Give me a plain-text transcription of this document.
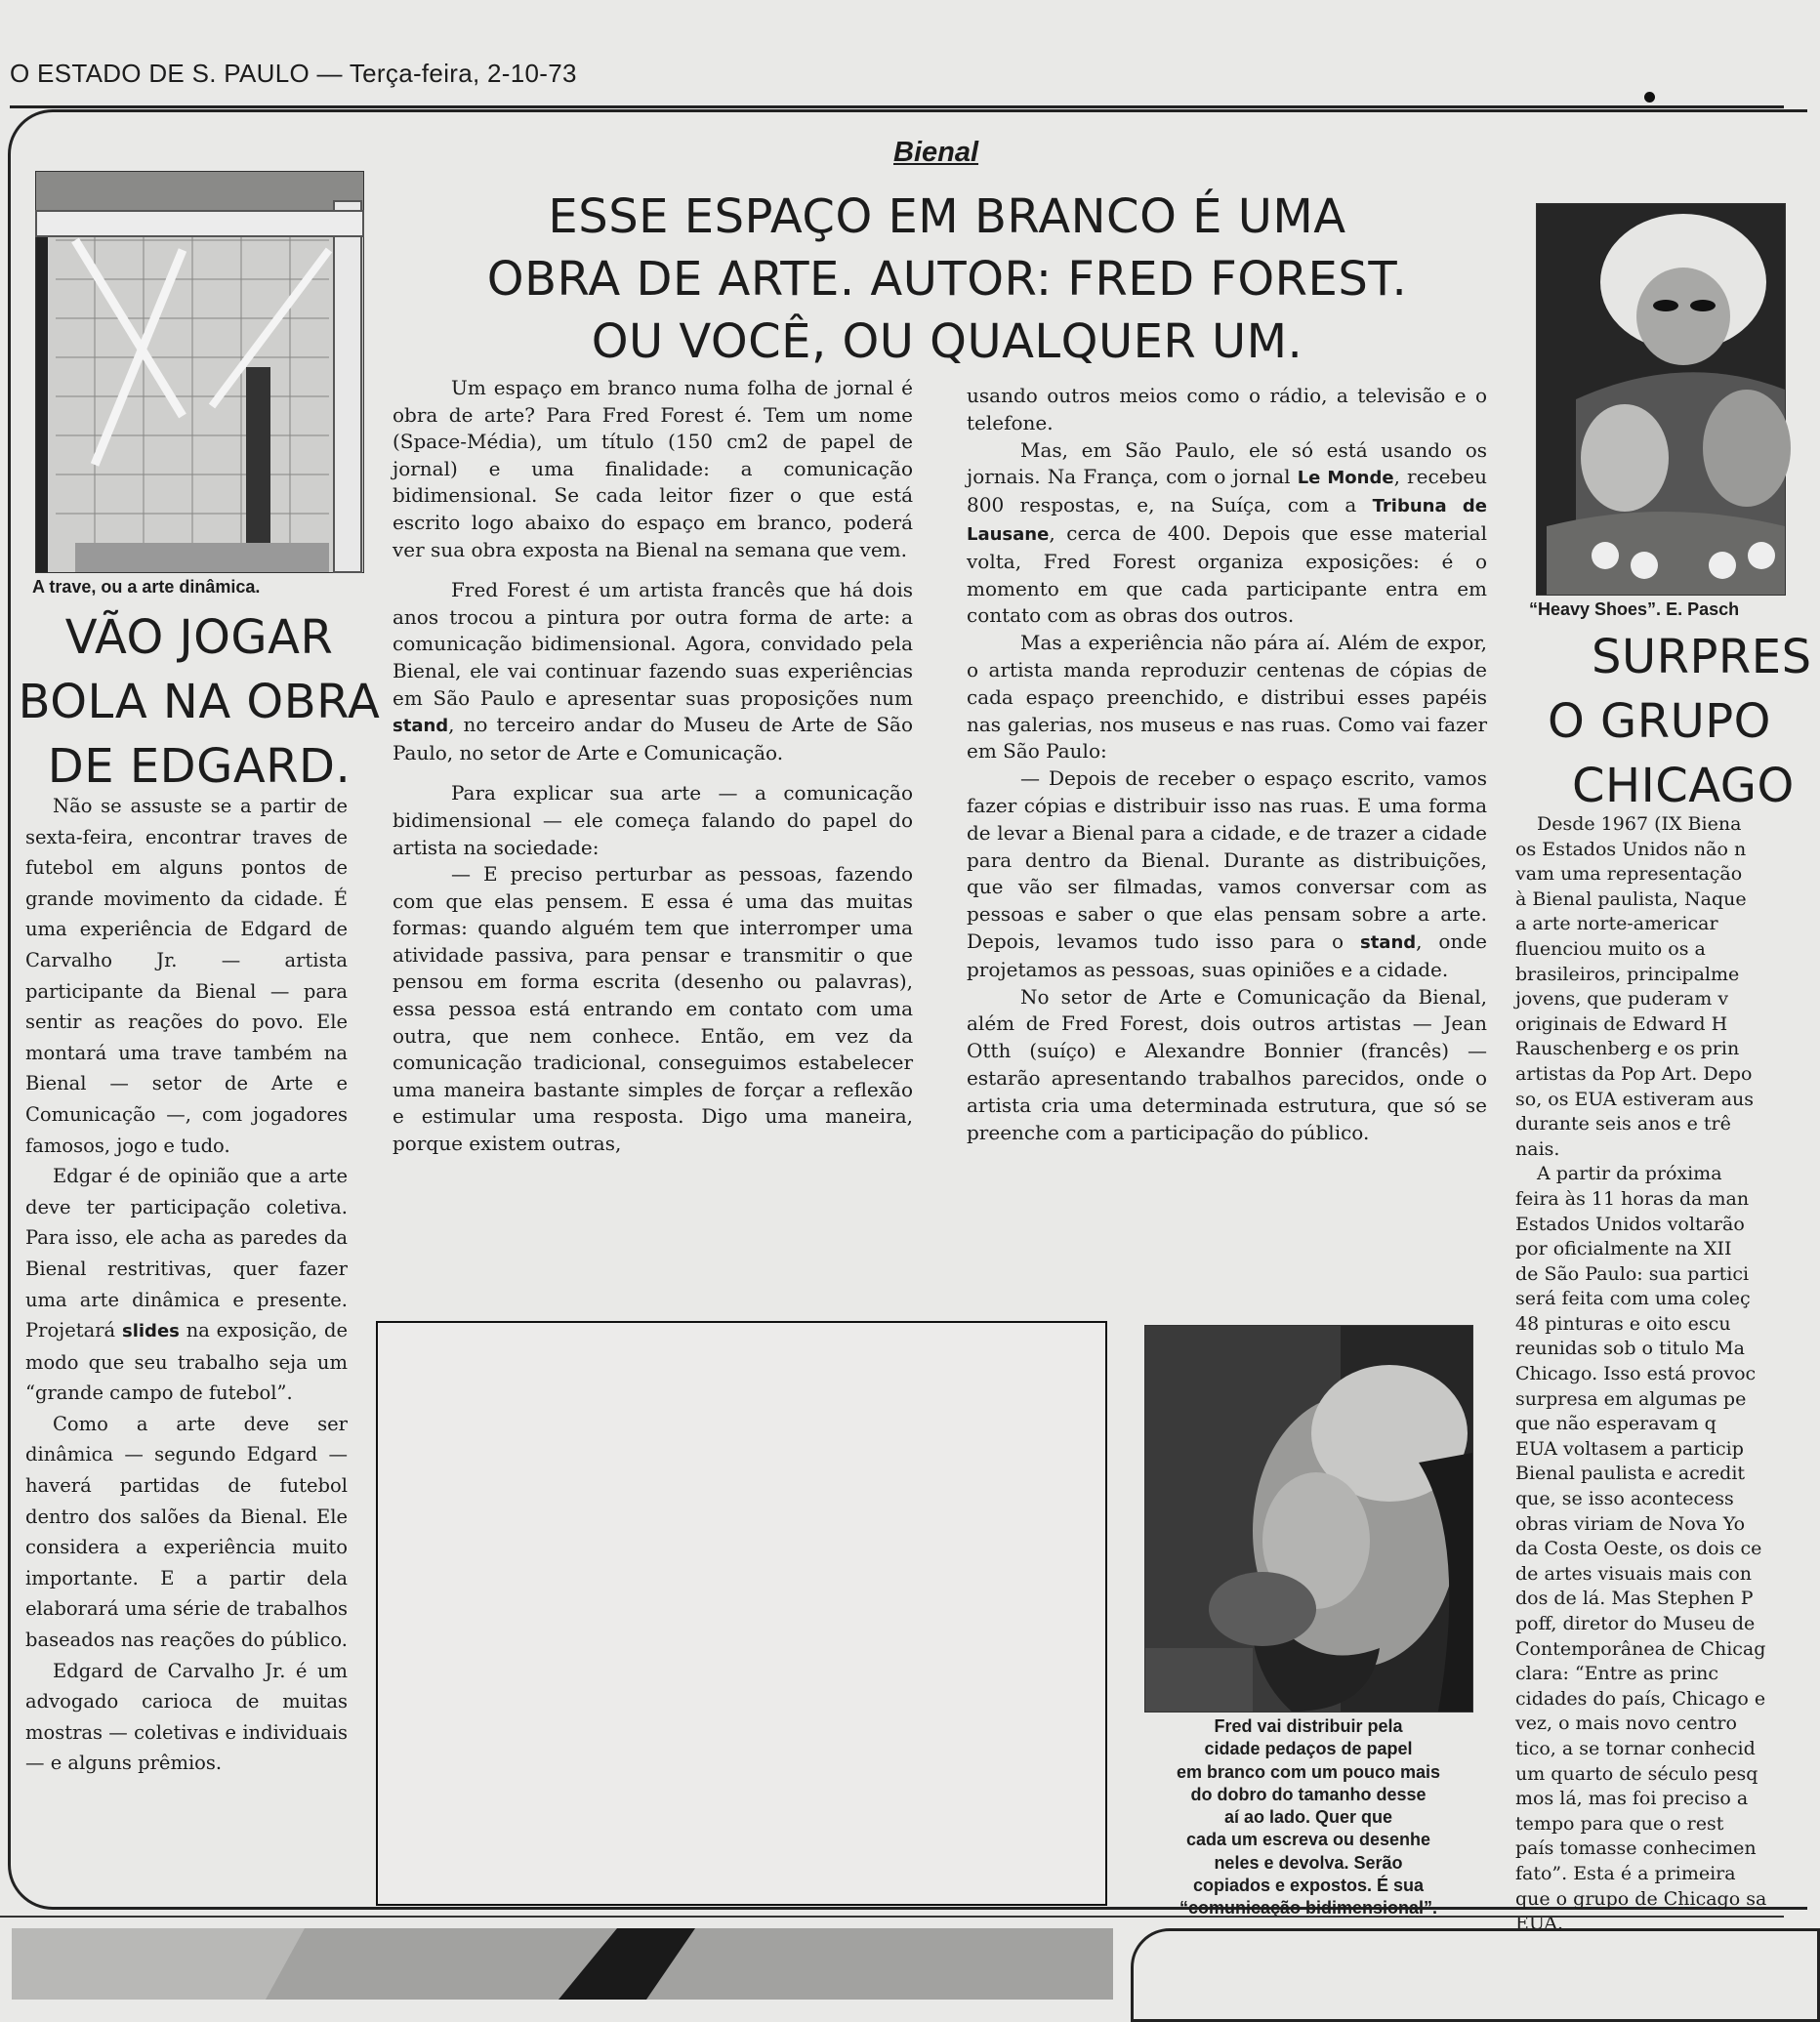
O ESTADO DE S. PAULO — Terça-feira, 2-10-73
A trave, ou a arte dinâmica.
VÃO JOGAR
BOLA NA OBRA
DE EDGARD.

Não se assuste se a partir de sexta-feira, encontrar traves de futebol em alguns pontos de grande movimento da cidade. É uma experiência de Edgard de Carvalho Jr. — artista participante da Bienal — para sentir as reações do povo. Ele montará uma trave também na Bienal — setor de Arte e Comunicação —, com jogadores famosos, jogo e tudo.

Edgar é de opinião que a arte deve ter participação coletiva. Para isso, ele acha as paredes da Bienal restritivas, quer fazer uma arte dinâmica e presente. Projetará slides na exposição, de modo que seu trabalho seja um “grande campo de futebol”.

Como a arte deve ser dinâmica — segundo Edgard — haverá partidas de futebol dentro dos salões da Bienal. Ele considera a experiência muito importante. E a partir dela elaborará uma série de trabalhos baseados nas reações do público.

Edgard de Carvalho Jr. é um advogado carioca de muitas mostras — coletivas e individuais — e alguns prêmios.

Bienal
ESSE ESPAÇO EM BRANCO É UMA
OBRA DE ARTE. AUTOR: FRED FOREST.
OU VOCÊ, OU QUALQUER UM.

Um espaço em branco numa folha de jornal é obra de arte? Para Fred Forest é. Tem um nome (Space-Média), um título (150 cm2 de papel de jornal) e uma finalidade: a comunicação bidimensional. Se cada leitor fizer o que está escrito logo abaixo do espaço em branco, poderá ver sua obra exposta na Bienal na semana que vem.

Fred Forest é um artista francês que há dois anos trocou a pintura por outra forma de arte: a comunicação bidimensional. Agora, convidado pela Bienal, ele vai continuar fazendo suas experiências em São Paulo e apresentar suas proposições num stand, no terceiro andar do Museu de Arte de São Paulo, no setor de Arte e Comunicação.

Para explicar sua arte — a comunicação bidimensional — ele começa falando do papel do artista na sociedade:

— E preciso perturbar as pessoas, fazendo com que elas pensem. E essa é uma das muitas formas: quando alguém tem que interromper uma atividade passiva, para pensar e transmitir o que pensou em forma escrita (desenho ou palavras), essa pessoa está entrando em contato com uma outra, que nem conhece. Então, em vez da comunicação tradicional, conseguimos estabelecer uma maneira bastante simples de forçar a reflexão e estimular uma resposta. Digo uma maneira, porque existem outras,

usando outros meios como o rádio, a televisão e o telefone.

Mas, em São Paulo, ele só está usando os jornais. Na França, com o jornal Le Monde, recebeu 800 respostas, e, na Suíça, com a Tribuna de Lausane, cerca de 400. Depois que esse material volta, Fred Forest organiza exposições: é o momento em que cada participante entra em contato com as obras dos outros.

Mas a experiência não pára aí. Além de expor, o artista manda reproduzir centenas de cópias de cada espaço preenchido, e distribui esses papéis nas galerias, nos museus e nas ruas. Como vai fazer em São Paulo:

— Depois de receber o espaço escrito, vamos fazer cópias e distribuir isso nas ruas. E uma forma de levar a Bienal para a cidade, e de trazer a cidade para dentro da Bienal. Durante as distribuições, que vão ser filmadas, vamos conversar com as pessoas e saber o que elas pensam sobre a arte. Depois, levamos tudo isso para o stand, onde projetamos as pessoas, suas opiniões e a cidade.

No setor de Arte e Comunicação da Bienal, além de Fred Forest, dois outros artistas — Jean Otth (suíço) e Alexandre Bonnier (francês) — estarão apresentando trabalhos parecidos, onde o artista cria uma determinada estrutura, que só se preenche com a participação do público.

Fred vai distribuir pela
cidade pedaços de papel
em branco com um pouco mais
do dobro do tamanho desse
aí ao lado. Quer que
cada um escreva ou desenhe
neles e devolva. Serão
copiados e expostos. É sua
“comunicação bidimensional”.
“Heavy Shoes”. E. Pasch
SURPRES
O GRUPO
CHICAGO
Desde 1967 (IX Biena
os Estados Unidos não n
vam uma representação
à Bienal paulista, Naque
a arte norte-americar
fluenciou muito os a
brasileiros, principalme
jovens, que puderam v
originais de Edward H
Rauschenberg e os prin
artistas da Pop Art. Depo
so, os EUA estiveram aus
durante seis anos e trê
nais.
A partir da próxima
feira às 11 horas da man
Estados Unidos voltarão
por oficialmente na XII
de São Paulo: sua partici
será feita com uma coleç
48 pinturas e oito escu
reunidas sob o titulo Ma
Chicago. Isso está provoc
surpresa em algumas pe
que não esperavam q
EUA voltasem a particip
Bienal paulista e acredit
que, se isso acontecess
obras viriam de Nova Yo
da Costa Oeste, os dois ce
de artes visuais mais con
dos de lá. Mas Stephen P
poff, diretor do Museu de
Contemporânea de Chicag
clara: “Entre as princ
cidades do país, Chicago e
vez, o mais novo centro
tico, a se tornar conhecid
um quarto de século pesq
mos lá, mas foi preciso a
tempo para que o rest
país tomasse conhecimen
fato”. Esta é a primeira
que o grupo de Chicago sa
EUA.
